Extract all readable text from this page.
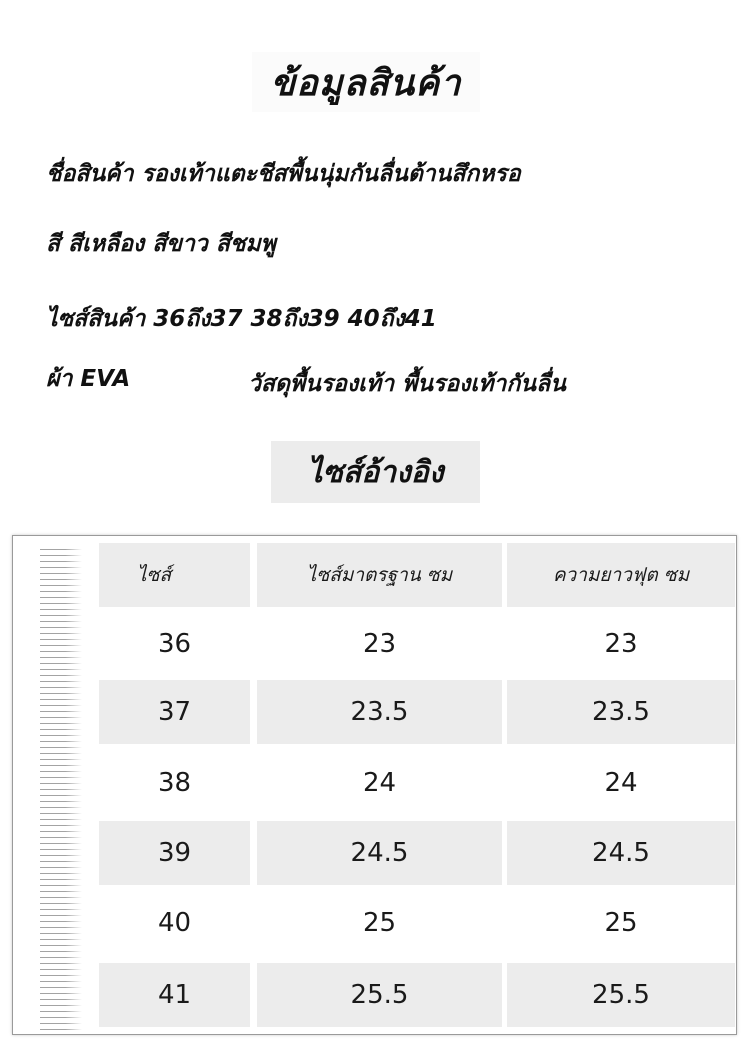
ข้อมูลสินค้า
ชื่อสินค้า รองเท้าแตะชีสพื้นนุ่มกันลื่นต้านสึกหรอ
สี สีเหลือง สีขาว สีชมพู
ไซส์สินค้า 36ถึง37 38ถึง39 40ถึง41
ผ้า EVA	วัสดุพื้นรองเท้า พื้นรองเท้ากันลื่น
ไซส์อ้างอิง
ไซส์	ไซส์มาตรฐาน ซม	ความยาวฟุต ซม
36	23	23
37	23.5	23.5
38	24	24
39	24.5	24.5
40	25	25
41	25.5	25.5
